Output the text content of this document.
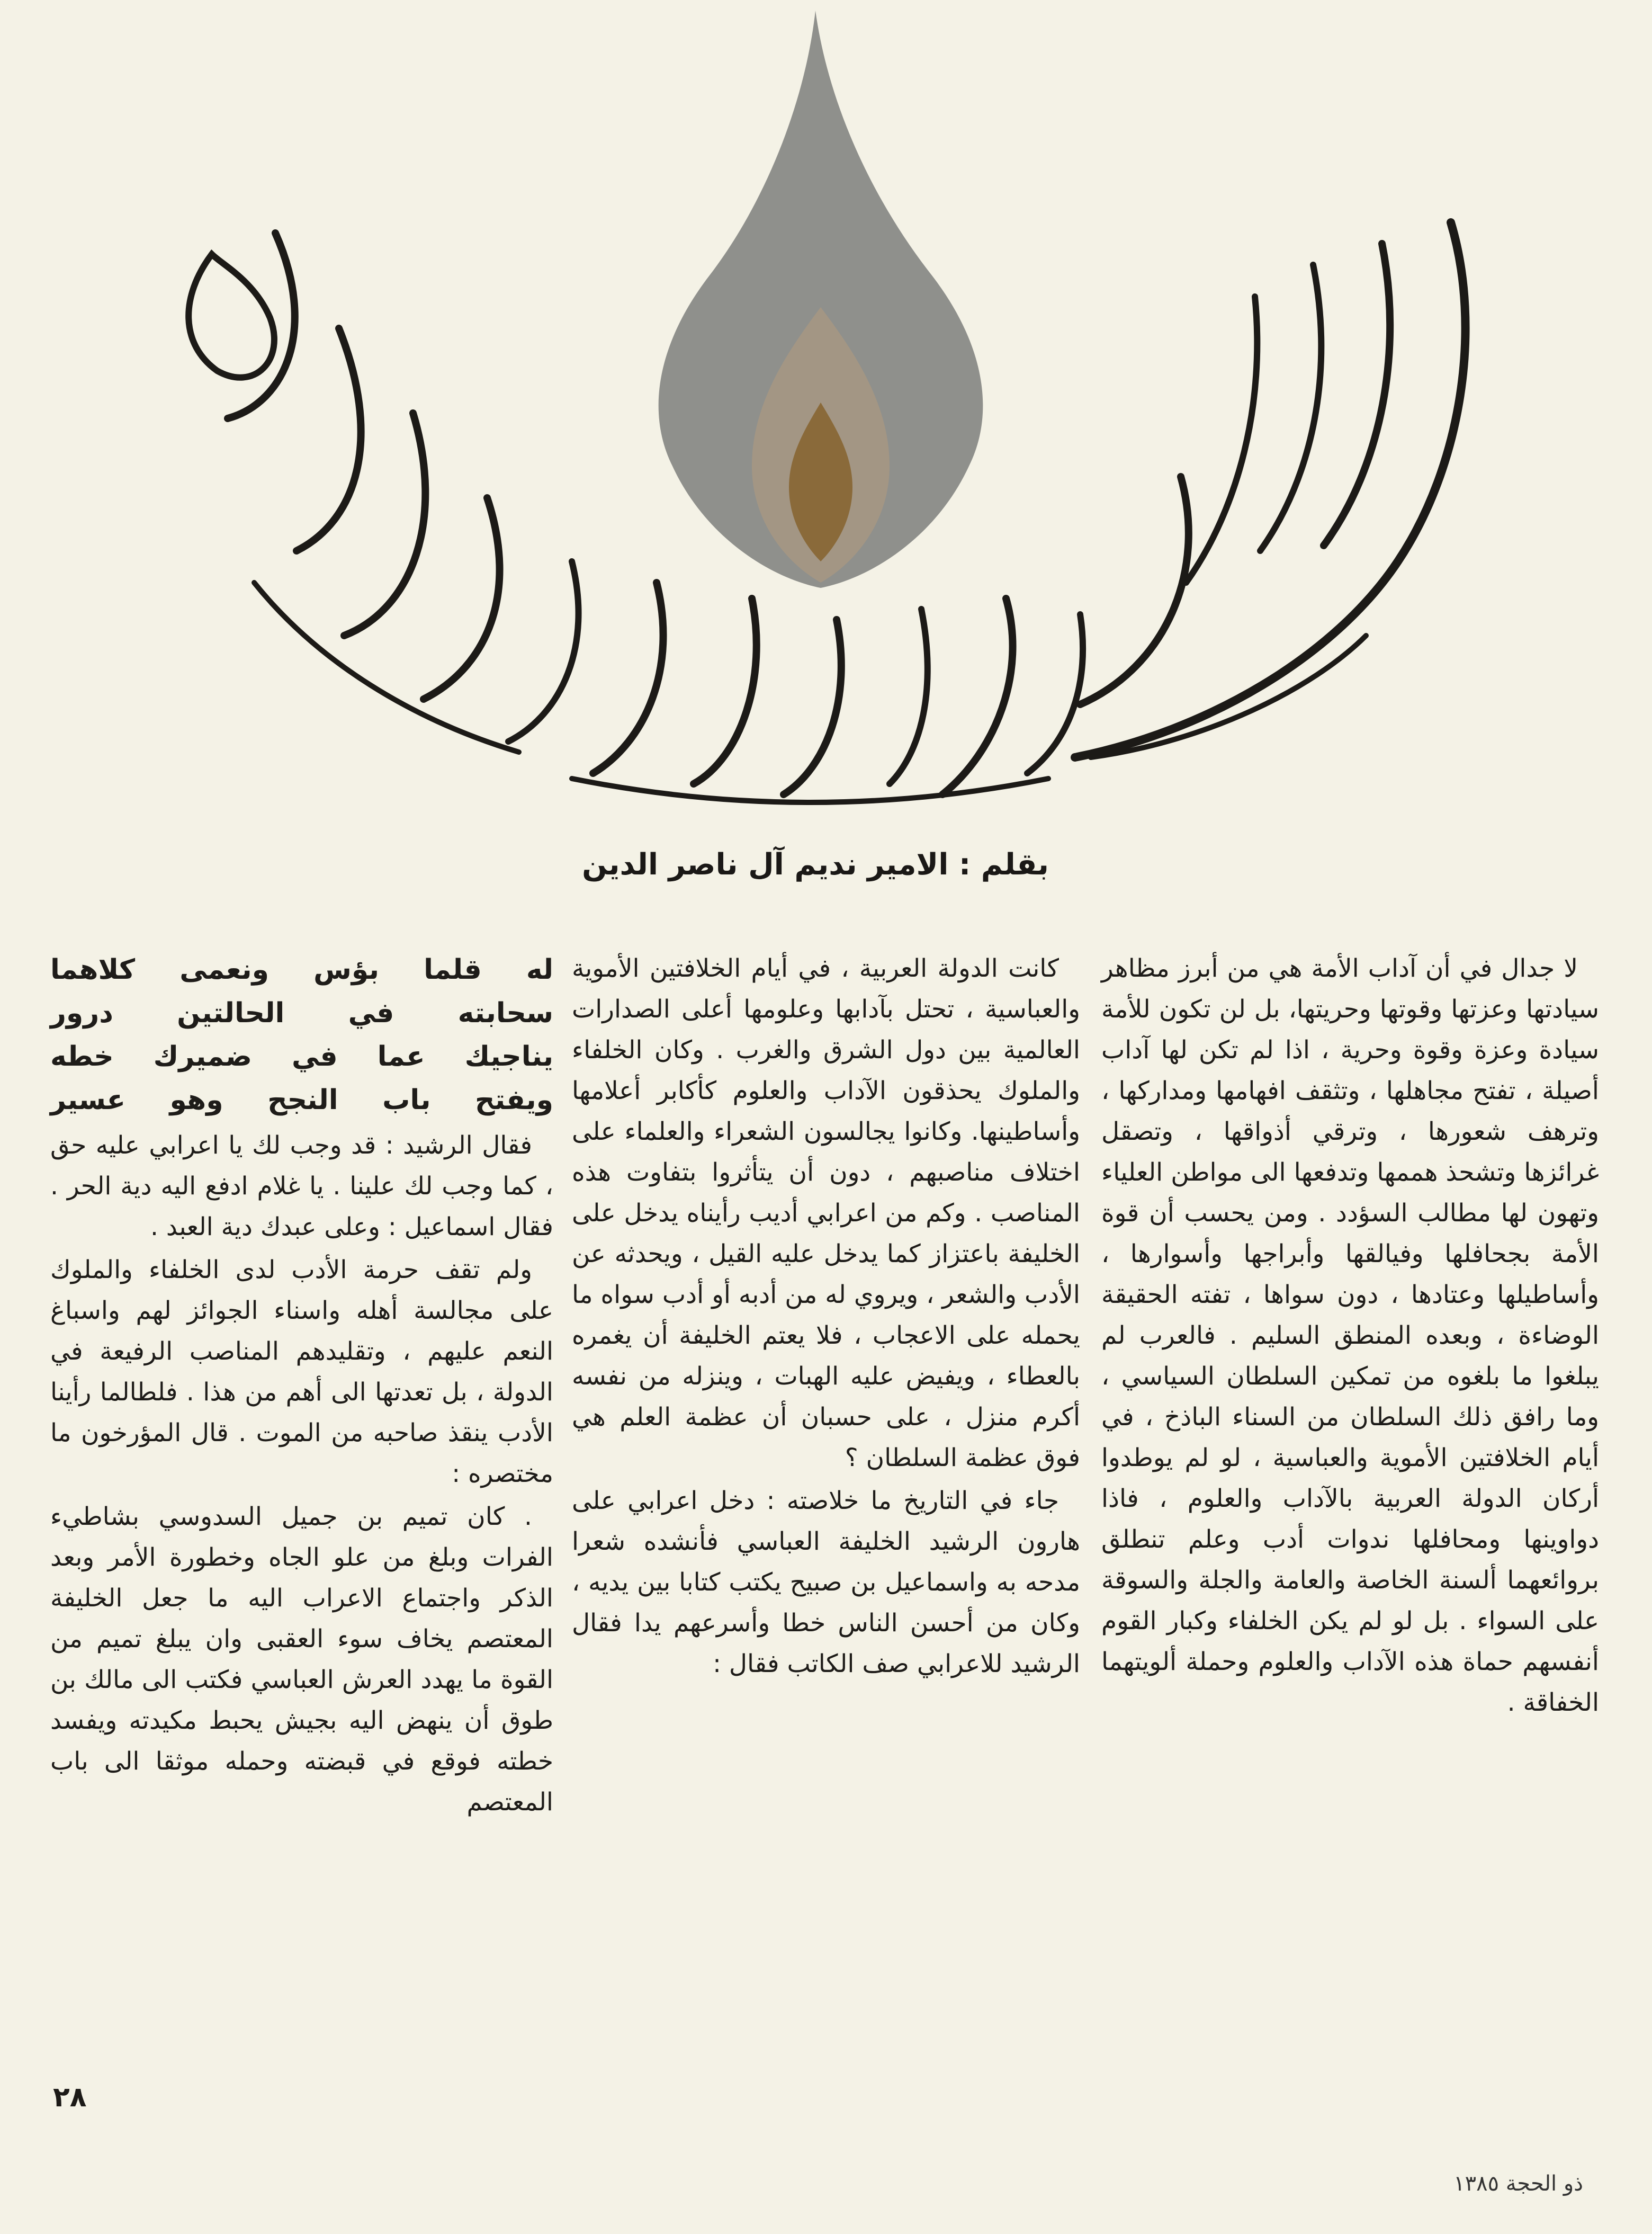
بقلم : الامير نديم آل ناصر الدين

لا جدال في أن آداب الأمة هي من أبرز مظاهر سيادتها وعزتها وقوتها وحريتها، بل لن تكون للأمة سيادة وعزة وقوة وحرية ، اذا لم تكن لها آداب أصيلة ، تفتح مجاهلها ، وتثقف افهامها ومداركها ، وترهف شعورها ، وترقي أذواقها ، وتصقل غرائزها وتشحذ هممها وتدفعها الى مواطن العلياء وتهون لها مطالب السؤدد . ومن يحسب أن قوة الأمة بجحافلها وفيالقها وأبراجها وأسوارها ، وأساطيلها وعتادها ، دون سواها ، تفته الحقيقة الوضاءة ، وبعده المنطق السليم . فالعرب لم يبلغوا ما بلغوه من تمكين السلطان السياسي ، وما رافق ذلك السلطان من السناء الباذخ ، في أيام الخلافتين الأموية والعباسية ، لو لم يوطدوا أركان الدولة العربية بالآداب والعلوم ، فاذا دواوينها ومحافلها ندوات أدب وعلم تنطلق بروائعهما ألسنة الخاصة والعامة والجلة والسوقة على السواء . بل لو لم يكن الخلفاء وكبار القوم أنفسهم حماة هذه الآداب والعلوم وحملة ألويتهما الخفاقة .

كانت الدولة العربية ، في أيام الخلافتين الأموية والعباسية ، تحتل بآدابها وعلومها أعلى الصدارات العالمية بين دول الشرق والغرب . وكان الخلفاء والملوك يحذقون الآداب والعلوم كأكابر أعلامها وأساطينها. وكانوا يجالسون الشعراء والعلماء على اختلاف مناصبهم ، دون أن يتأثروا بتفاوت هذه المناصب . وكم من اعرابي أديب رأيناه يدخل على الخليفة باعتزاز كما يدخل عليه القيل ، ويحدثه عن الأدب والشعر ، ويروي له من أدبه أو أدب سواه ما يحمله على الاعجاب ، فلا يعتم الخليفة أن يغمره بالعطاء ، ويفيض عليه الهبات ، وينزله من نفسه أكرم منزل ، على حسبان أن عظمة العلم هي فوق عظمة السلطان ؟

جاء في التاريخ ما خلاصته : دخل اعرابي على هارون الرشيد الخليفة العباسي فأنشده شعرا مدحه به واسماعيل بن صبيح يكتب كتابا بين يديه ، وكان من أحسن الناس خطا وأسرعهم يدا فقال الرشيد للاعرابي صف الكاتب فقال :

له قلما بؤس ونعمى كلاهما
سحابته في الحالتين درور
يناجيك عما في ضميرك خطه
ويفتح باب النجح وهو عسير

فقال الرشيد : قد وجب لك يا اعرابي عليه حق ، كما وجب لك علينا . يا غلام ادفع اليه دية الحر . فقال اسماعيل : وعلى عبدك دية العبد .

ولم تقف حرمة الأدب لدى الخلفاء والملوك على مجالسة أهله واسناء الجوائز لهم واسباغ النعم عليهم ، وتقليدهم المناصب الرفيعة في الدولة ، بل تعدتها الى أهم من هذا . فلطالما رأينا الأدب ينقذ صاحبه من الموت . قال المؤرخون ما مختصره :

. كان تميم بن جميل السدوسي بشاطيء الفرات وبلغ من علو الجاه وخطورة الأمر وبعد الذكر واجتماع الاعراب اليه ما جعل الخليفة المعتصم يخاف سوء العقبى وان يبلغ تميم من القوة ما يهدد العرش العباسي فكتب الى مالك بن طوق أن ينهض اليه بجيش يحبط مكيدته ويفسد خطته فوقع في قبضته وحمله موثقا الى باب المعتصم

٢٨
ذو الحجة ١٣٨٥
